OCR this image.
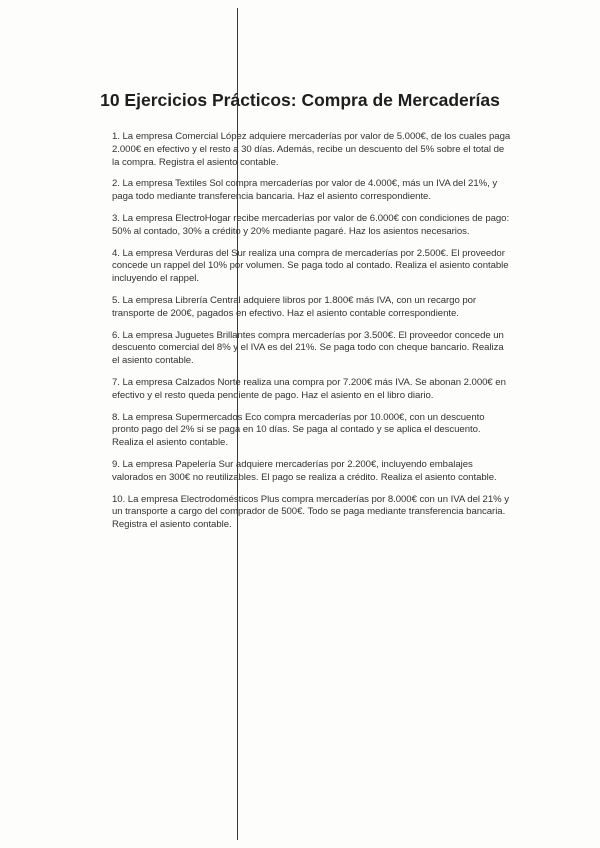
10 Ejercicios Prácticos: Compra de Mercaderías
1. La empresa Comercial López adquiere mercaderías por valor de 5.000€, de los cuales paga 2.000€ en efectivo y el resto a 30 días. Además, recibe un descuento del 5% sobre el total de la compra. Registra el asiento contable.
2. La empresa Textiles Sol compra mercaderías por valor de 4.000€, más un IVA del 21%, y paga todo mediante transferencia bancaria. Haz el asiento correspondiente.
3. La empresa ElectroHogar recibe mercaderías por valor de 6.000€ con condiciones de pago: 50% al contado, 30% a crédito y 20% mediante pagaré. Haz los asientos necesarios.
4. La empresa Verduras del Sur realiza una compra de mercaderías por 2.500€. El proveedor concede un rappel del 10% por volumen. Se paga todo al contado. Realiza el asiento contable incluyendo el rappel.
5. La empresa Librería Central adquiere libros por 1.800€ más IVA, con un recargo por transporte de 200€, pagados en efectivo. Haz el asiento contable correspondiente.
6. La empresa Juguetes Brillantes compra mercaderías por 3.500€. El proveedor concede un descuento comercial del 8% y el IVA es del 21%. Se paga todo con cheque bancario. Realiza el asiento contable.
7. La empresa Calzados Norte realiza una compra por 7.200€ más IVA. Se abonan 2.000€ en efectivo y el resto queda pendiente de pago. Haz el asiento en el libro diario.
8. La empresa Supermercados Eco compra mercaderías por 10.000€, con un descuento pronto pago del 2% si se paga en 10 días. Se paga al contado y se aplica el descuento. Realiza el asiento contable.
9. La empresa Papelería Sur adquiere mercaderías por 2.200€, incluyendo embalajes valorados en 300€ no reutilizables. El pago se realiza a crédito. Realiza el asiento contable.
10. La empresa Electrodomésticos Plus compra mercaderías por 8.000€ con un IVA del 21% y un transporte a cargo del comprador de 500€. Todo se paga mediante transferencia bancaria. Registra el asiento contable.
